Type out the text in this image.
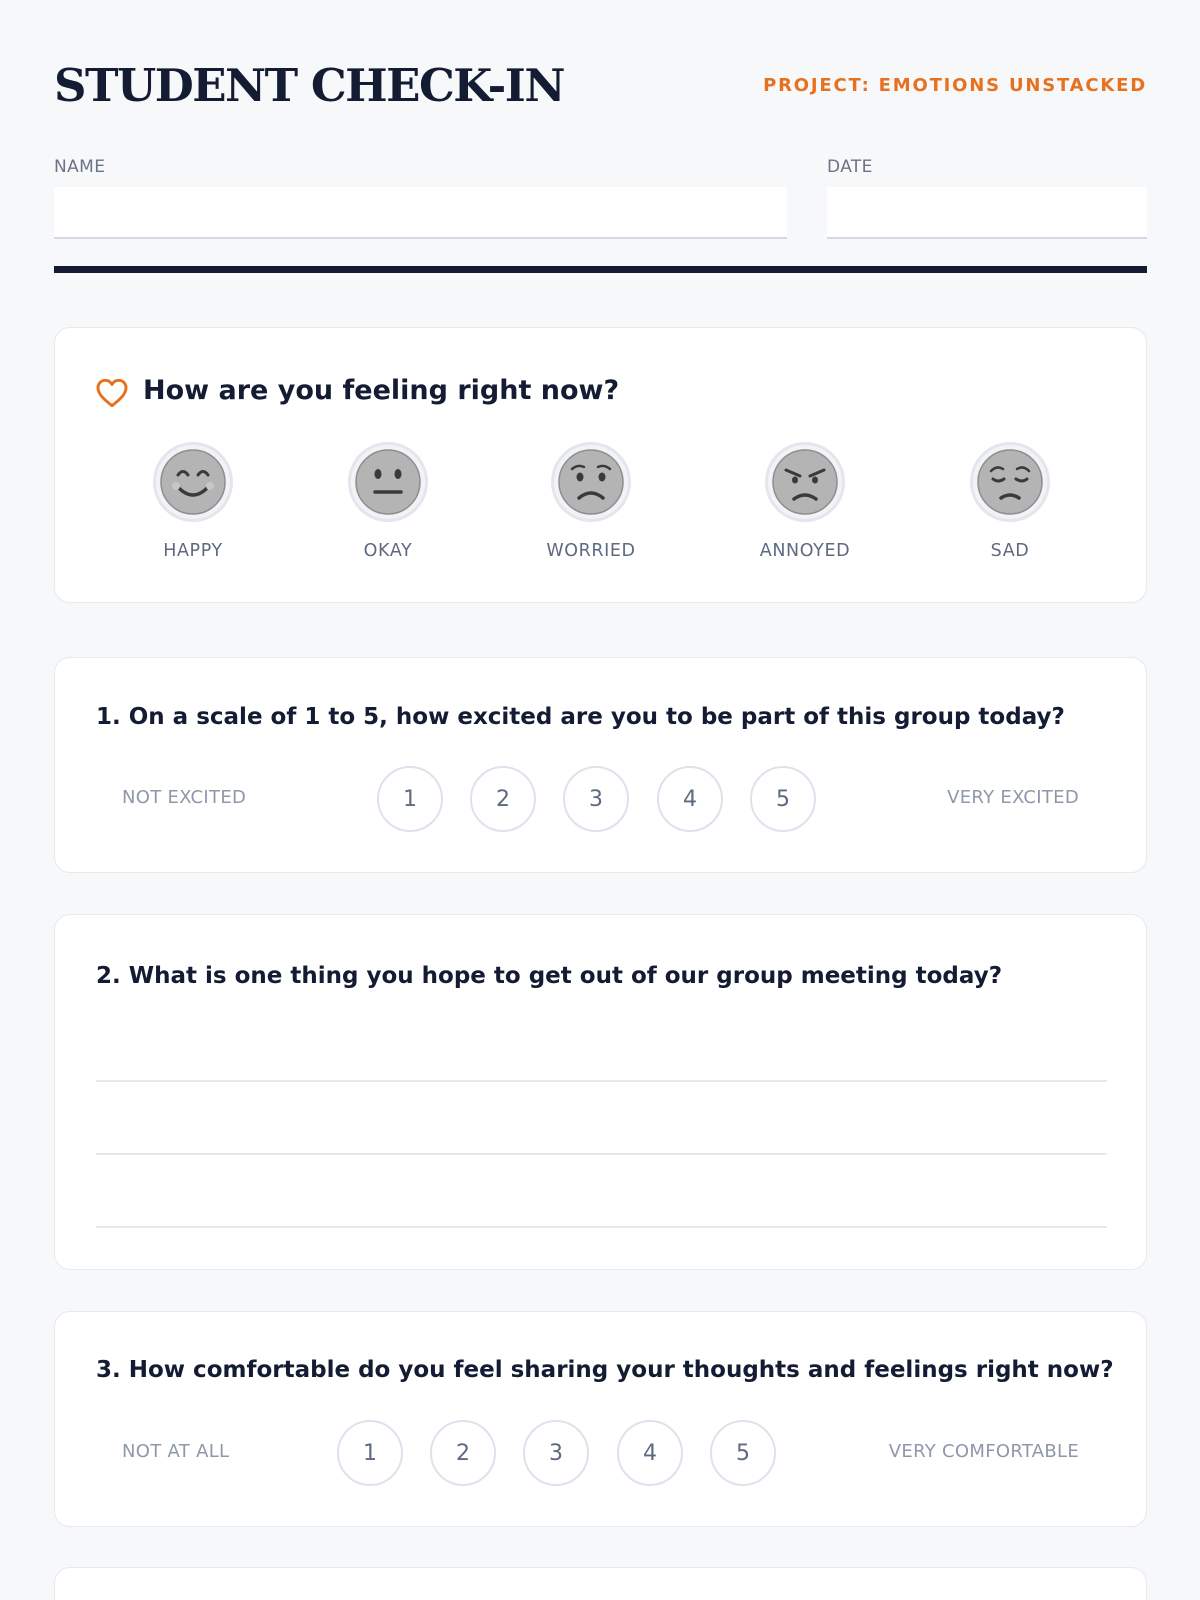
STUDENT CHECK-IN	PROJECT: EMOTIONS UNSTACKED
NAME	DATE
How are you feeling right now?
HAPPY	OKAY	WORRIED	ANNOYED	SAD
1. On a scale of 1 to 5, how excited are you to be part of this group today?
NOT EXCITED	1	2	3	4	5	VERY EXCITED
2. What is one thing you hope to get out of our group meeting today?
3. How comfortable do you feel sharing your thoughts and feelings right now?
NOT AT ALL	1	2	3	4	5	VERY COMFORTABLE
